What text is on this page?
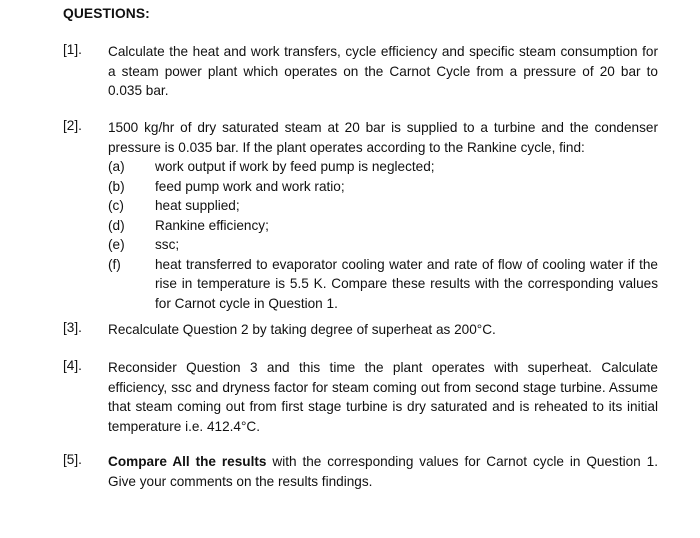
QUESTIONS:
[1]. Calculate the heat and work transfers, cycle efficiency and specific steam consumption for a steam power plant which operates on the Carnot Cycle from a pressure of 20 bar to 0.035 bar.
[2]. 1500 kg/hr of dry saturated steam at 20 bar is supplied to a turbine and the condenser pressure is 0.035 bar. If the plant operates according to the Rankine cycle, find:
(a) work output if work by feed pump is neglected;
(b) feed pump work and work ratio;
(c) heat supplied;
(d) Rankine efficiency;
(e) ssc;
(f)	heat transferred to evaporator cooling water and rate of flow of cooling water if the rise in temperature is 5.5 K. Compare these results with the corresponding values for Carnot cycle in Question 1.
[3]. Recalculate Question 2 by taking degree of superheat as 200°C.
[4]. Reconsider Question 3 and this time the plant operates with superheat. Calculate efficiency, ssc and dryness factor for steam coming out from second stage turbine. Assume that steam coming out from first stage turbine is dry saturated and is reheated to its initial temperature i.e. 412.4°C.
[5]. Compare All the results with the corresponding values for Carnot cycle in Question 1. Give your comments on the results findings.
